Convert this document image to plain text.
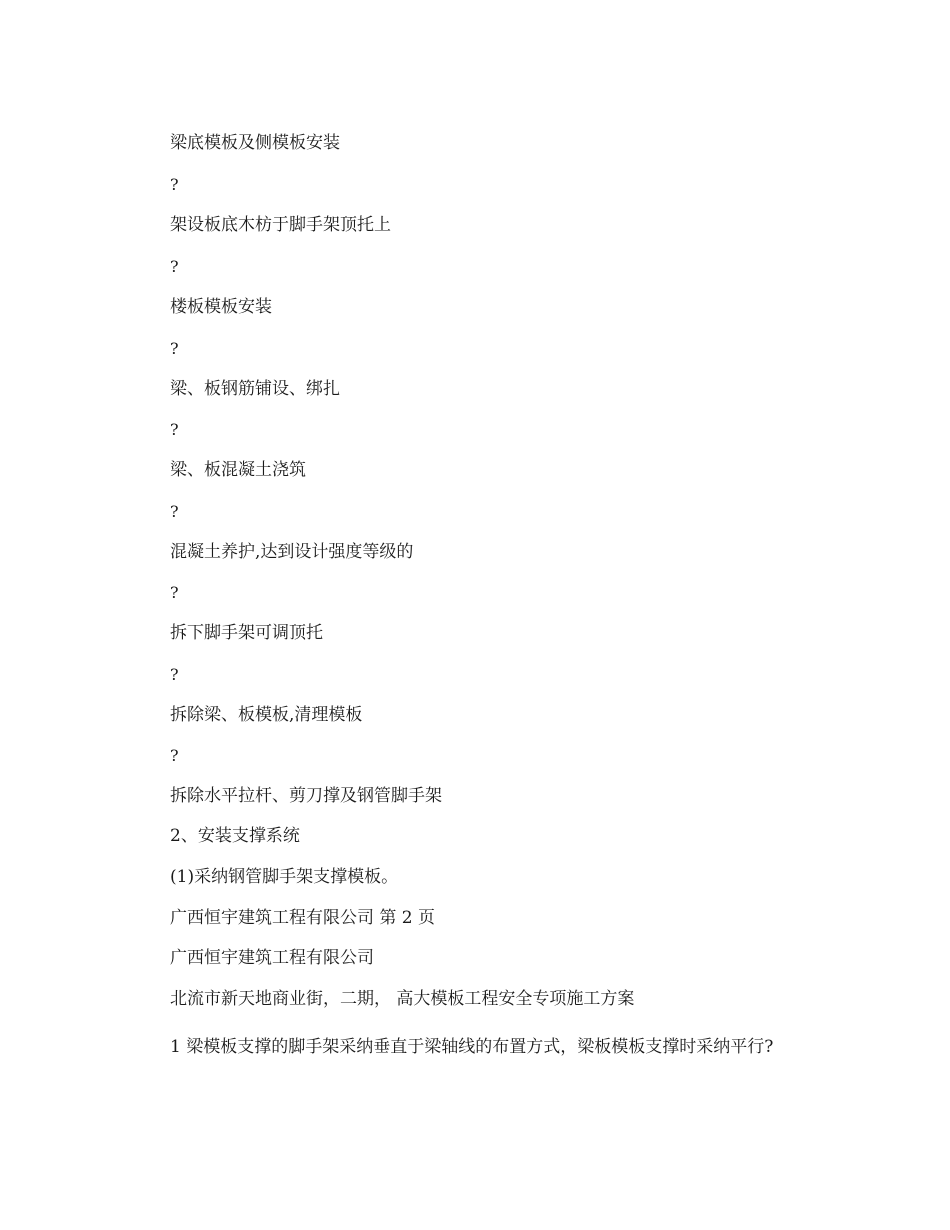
梁底模板及侧模板安装
?
架设板底木枋于脚手架顶托上
?
楼板模板安装
?
梁、板钢筋铺设、绑扎
?
梁、板混凝土浇筑
?
混凝土养护,达到设计强度等级的
?
拆下脚手架可调顶托
?
拆除梁、板模板,清理模板
?
拆除水平拉杆、剪刀撑及钢管脚手架
2、安装支撑系统
(1)采纳钢管脚手架支撑模板。
广西恒宇建筑工程有限公司 第 2 页
广西恒宇建筑工程有限公司
北流市新天地商业街，二期， 高大模板工程安全专项施工方案
1 梁模板支撑的脚手架采纳垂直于梁轴线的布置方式，梁板模板支撑时采纳平行?
